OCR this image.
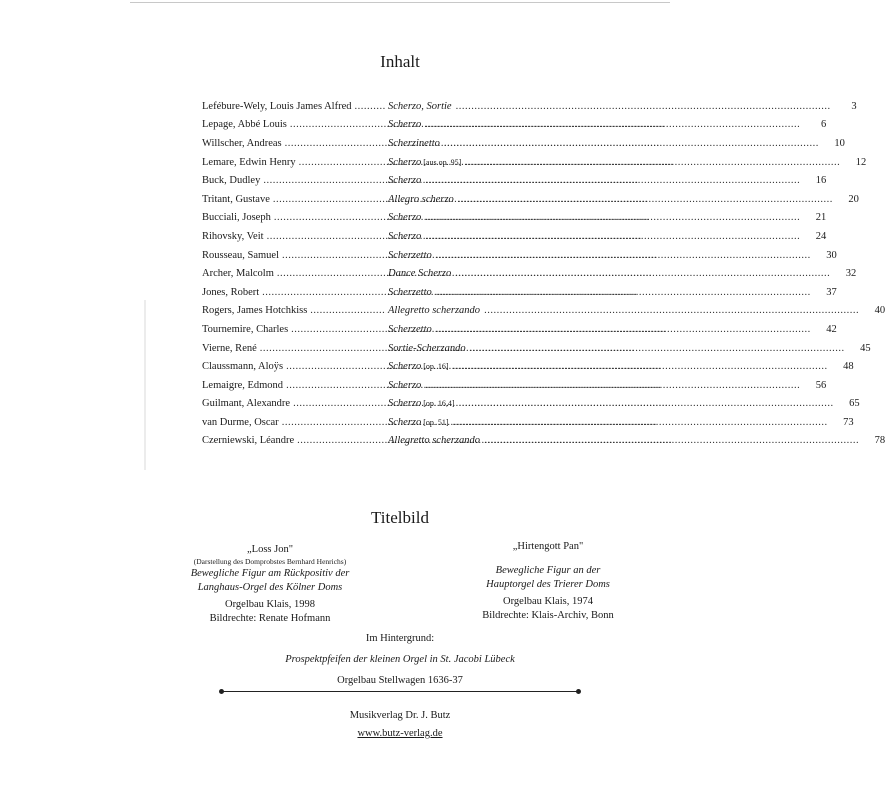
Inhalt
Lefébure-Wely, Louis James Alfred .....	Scherzo, Sortie .....	3
Lepage, Abbé Louis .....	Scherzo .....	6
Willscher, Andreas .....	Scherzinetto .....	10
Lemare, Edwin Henry .....	Scherzo [aus op. 95] .....	12
Buck, Dudley .....	Scherzo .....	16
Tritant, Gustave .....	Allegro scherzo .....	20
Bucciali, Joseph .....	Scherzo .....	21
Rihovsky, Veit .....	Scherzo .....	24
Rousseau, Samuel .....	Scherzetto .....	30
Archer, Malcolm .....	Dance Scherzo .....	32
Jones, Robert .....	Scherzetto .....	37
Rogers, James Hotchkiss .....	Allegretto scherzando .....	40
Tournemire, Charles .....	Scherzetto .....	42
Vierne, René .....	Sortie-Scherzando .....	45
Claussmann, Aloÿs .....	Scherzo [op. 16] .....	48
Lemaigre, Edmond .....	Scherzo .....	56
Guilmant, Alexandre .....	Scherzo [op. 16,4] .....	65
van Durme, Oscar .....	Scherzo [op. 51] .....	73
Czerniewski, Léandre .....	Allegretto scherzando .....	78
Titelbild
„Loss Jon"
(Darstellung des Domprobstes Bernhard Henrichs)
Bewegliche Figur am Rückpositiv der
Langhaus-Orgel des Kölner Doms
Orgelbau Klais, 1998
Bildrechte: Renate Hofmann
„Hirtengott Pan"
Bewegliche Figur an der
Hauptorgel des Trierer Doms
Orgelbau Klais, 1974
Bildrechte: Klais-Archiv, Bonn
Im Hintergrund:
Prospektpfeifen der kleinen Orgel in St. Jacobi Lübeck
Orgelbau Stellwagen 1636-37
Musikverlag Dr. J. Butz
www.butz-verlag.de
